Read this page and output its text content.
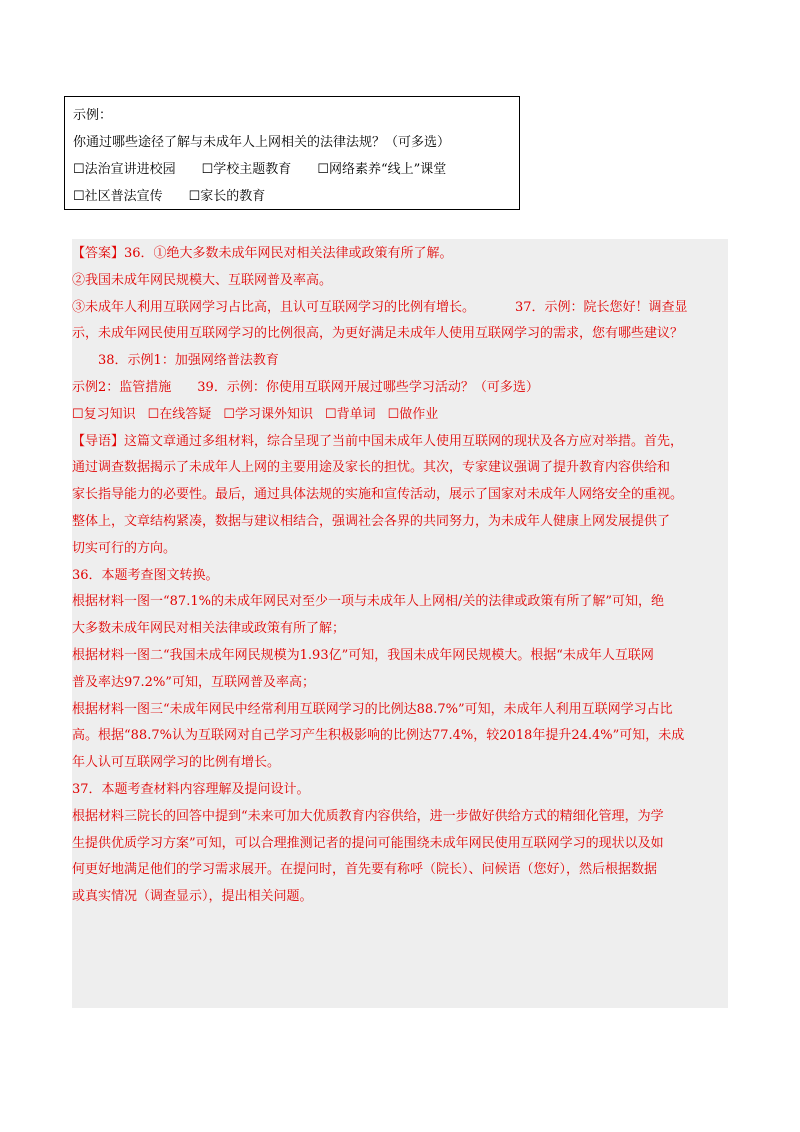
示例：
你通过哪些途径了解与未成年人上网相关的法律法规？（可多选）
☐法治宣讲进校园 ☐学校主题教育 ☐网络素养“线上”课堂
☐社区普法宣传 ☐家长的教育

【答案】36．①绝大多数未成年网民对相关法律或政策有所了解。

②我国未成年网民规模大、互联网普及率高。

③未成年人利用互联网学习占比高，且认可互联网学习的比例有增长。	37．示例：院长您好！调查显

示，未成年网民使用互联网学习的比例很高，为更好满足未成年人使用互联网学习的需求，您有哪些建议？

38．示例1：加强网络普法教育

示例2：监管措施 39．示例：你使用互联网开展过哪些学习活动？（可多选）

☐复习知识 ☐在线答疑 ☐学习课外知识 ☐背单词 ☐做作业

【导语】这篇文章通过多组材料，综合呈现了当前中国未成年人使用互联网的现状及各方应对举措。首先，

通过调查数据揭示了未成年人上网的主要用途及家长的担忧。其次，专家建议强调了提升教育内容供给和

家长指导能力的必要性。最后，通过具体法规的实施和宣传活动，展示了国家对未成年人网络安全的重视。

整体上，文章结构紧凑，数据与建议相结合，强调社会各界的共同努力，为未成年人健康上网发展提供了

切实可行的方向。

36．本题考查图文转换。

根据材料一图一“87.1%的未成年网民对至少一项与未成年人上网相/关的法律或政策有所了解”可知，绝

大多数未成年网民对相关法律或政策有所了解；

根据材料一图二“我国未成年网民规模为1.93亿”可知，我国未成年网民规模大。根据“未成年人互联网

普及率达97.2%”可知，互联网普及率高；

根据材料一图三“未成年网民中经常利用互联网学习的比例达88.7%”可知，未成年人利用互联网学习占比

高。根据“88.7%认为互联网对自己学习产生积极影响的比例达77.4%，较2018年提升24.4%”可知，未成

年人认可互联网学习的比例有增长。

37．本题考查材料内容理解及提问设计。

根据材料三院长的回答中提到“未来可加大优质教育内容供给，进一步做好供给方式的精细化管理，为学

生提供优质学习方案”可知，可以合理推测记者的提问可能围绕未成年网民使用互联网学习的现状以及如

何更好地满足他们的学习需求展开。在提问时，首先要有称呼（院长）、问候语（您好），然后根据数据

或真实情况（调查显示），提出相关问题。
